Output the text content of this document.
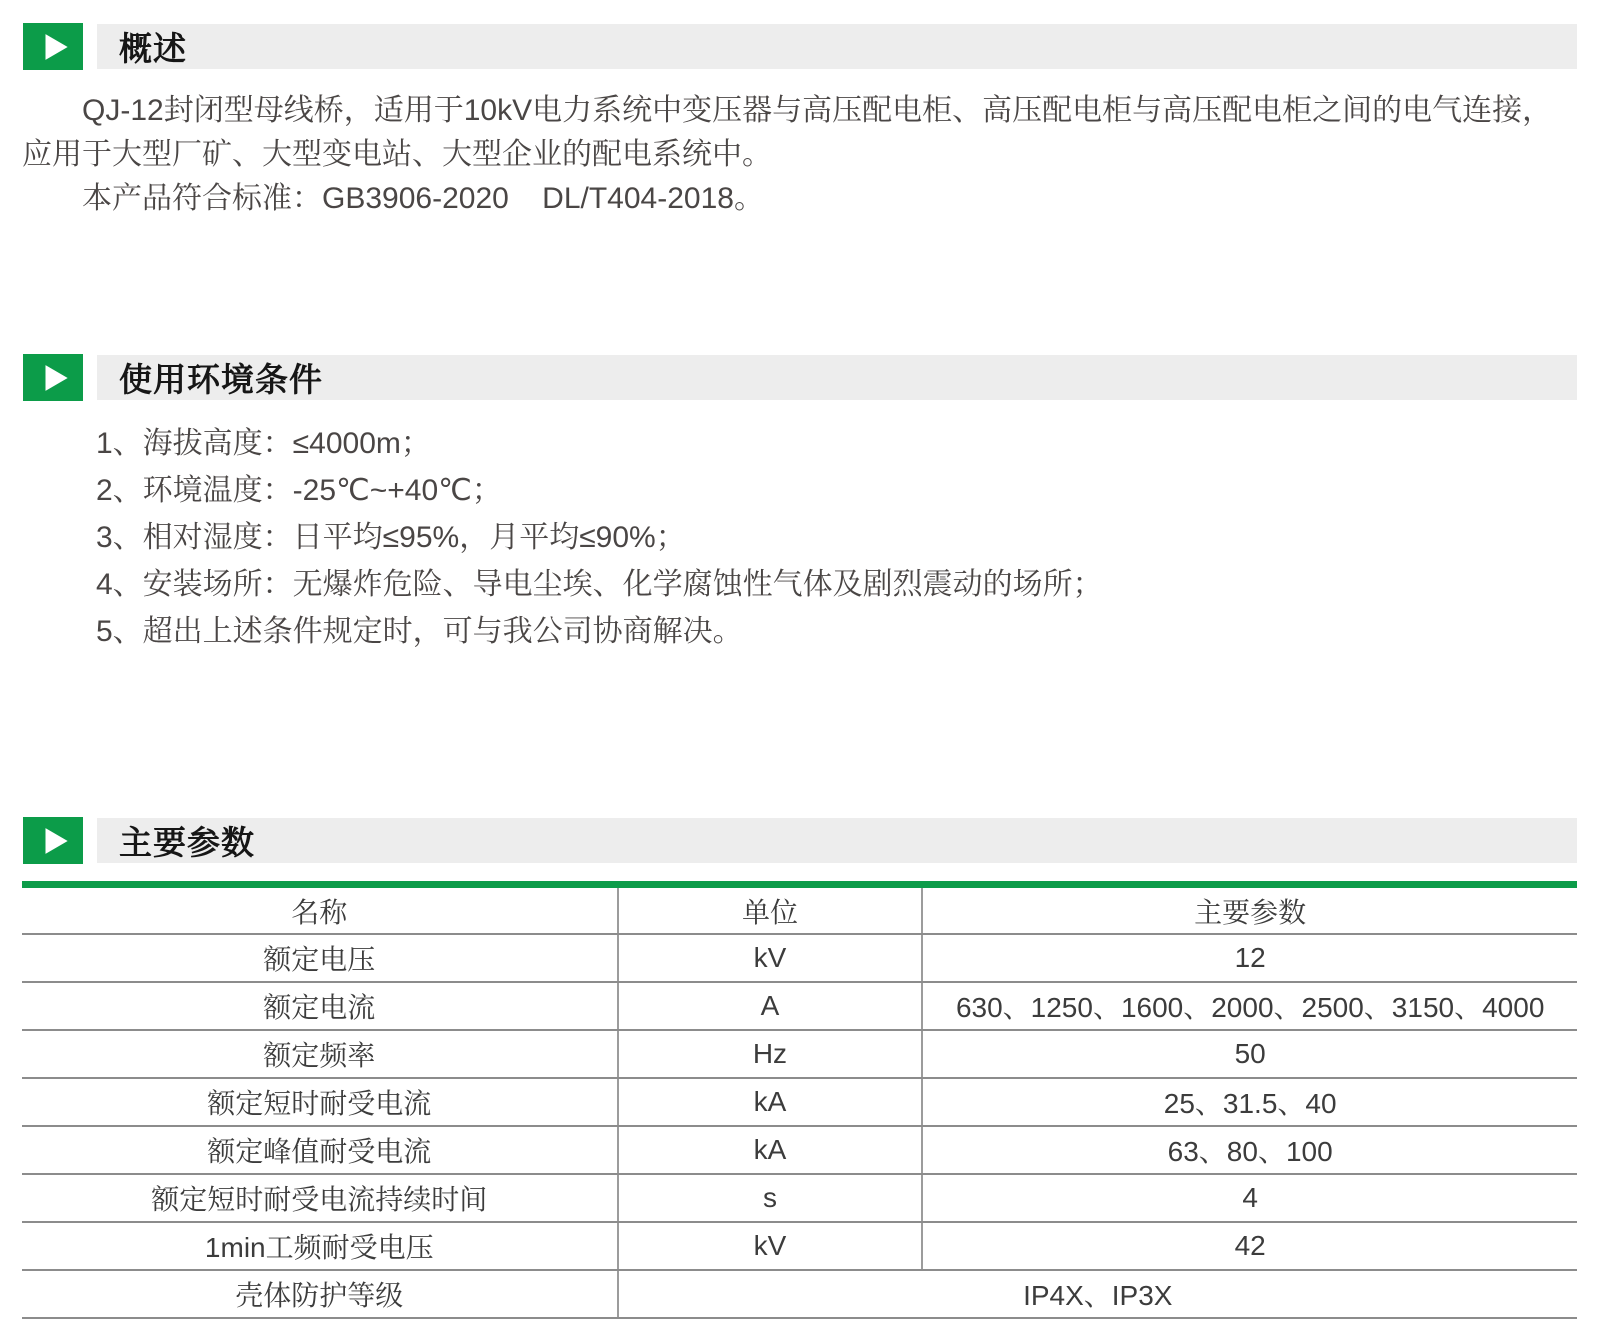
概述

QJ-12封闭型母线桥，适用于10kV电力系统中变压器与高压配电柜、高压配电柜与高压配电柜之间的电气连接，应用于大型厂矿、大型变电站、大型企业的配电系统中。

本产品符合标准：GB3906-2020    DL/T404-2018。

使用环境条件
1、海拔高度：≤4000m；
2、环境温度：-25℃~+40℃；
3、相对湿度：日平均≤95%，月平均≤90%；
4、安装场所：无爆炸危险、导电尘埃、化学腐蚀性气体及剧烈震动的场所；
5、超出上述条件规定时，可与我公司协商解决。
主要参数
名称	单位	主要参数
额定电压	kV	12
额定电流	A	630、1250、1600、2000、2500、3150、4000
额定频率	Hz	50
额定短时耐受电流	kA	25、31.5、40
额定峰值耐受电流	kA	63、80、100
额定短时耐受电流持续时间	s	4
1min工频耐受电压	kV	42
壳体防护等级	IP4X、IP3X	
